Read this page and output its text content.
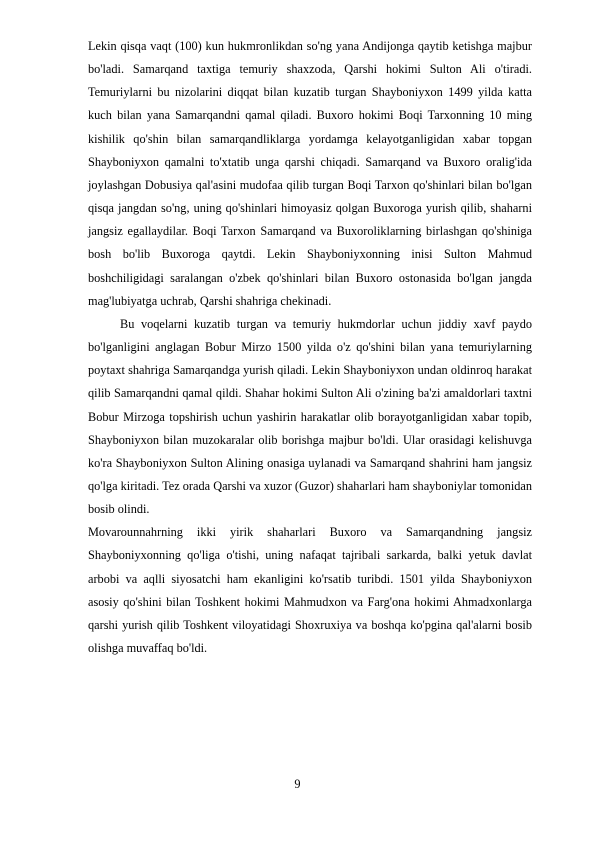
Lekin qisqa vaqt (100) kun hukmronlikdan so'ng yana Andijonga qaytib ketishga majbur bo'ladi. Samarqand taxtiga temuriy shaxzoda, Qarshi hokimi Sulton Ali o'tiradi. Temuriylarni bu nizolarini diqqat bilan kuzatib turgan Shayboniyxon 1499 yilda katta kuch bilan yana Samarqandni qamal qiladi. Buxoro hokimi Boqi Tarxonning 10 ming kishilik qo'shin bilan samarqandliklarga yordamga kelayotganligidan xabar topgan Shayboniyxon qamalni to'xtatib unga qarshi chiqadi. Samarqand va Buxoro oralig'ida joylashgan Dobusiya qal'asini mudofaa qilib turgan Boqi Tarxon qo'shinlari bilan bo'lgan qisqa jangdan so'ng, uning qo'shinlari himoyasiz qolgan Buxoroga yurish qilib, shaharni jangsiz egallaydilar. Boqi Tarxon Samarqand va Buxoroliklarning birlashgan qo'shiniga bosh bo'lib Buxoroga qaytdi. Lekin Shayboniyxonning inisi Sulton Mahmud boshchiligidagi saralangan o'zbek qo'shinlari bilan Buxoro ostonasida bo'lgan jangda mag'lubiyatga uchrab, Qarshi shahriga chekinadi.

Bu voqelarni kuzatib turgan va temuriy hukmdorlar uchun jiddiy xavf paydo bo'lganligini anglagan Bobur Mirzo 1500 yilda o'z qo'shini bilan yana temuriylarning poytaxt shahriga Samarqandga yurish qiladi. Lekin Shayboniyxon undan oldinroq harakat qilib Samarqandni qamal qildi. Shahar hokimi Sulton Ali o'zining ba'zi amaldorlari taxtni Bobur Mirzoga topshirish uchun yashirin harakatlar olib borayotganligidan xabar topib, Shayboniyxon bilan muzokaralar olib borishga majbur bo'ldi. Ular orasidagi kelishuvga ko'ra Shayboniyxon Sulton Alining onasiga uylanadi va Samarqand shahrini ham jangsiz qo'lga kiritadi. Tez orada Qarshi va xuzor (Guzor) shaharlari ham shayboniylar tomonidan bosib olindi.

Movarounnahrning ikki yirik shaharlari Buxoro va Samarqandning jangsiz Shayboniyxonning qo'liga o'tishi, uning nafaqat tajribali sarkarda, balki yetuk davlat arbobi va aqlli siyosatchi ham ekanligini ko'rsatib turibdi. 1501 yilda Shayboniyxon asosiy qo'shini bilan Toshkent hokimi Mahmudxon va Farg'ona hokimi Ahmadxonlarga qarshi yurish qilib Toshkent viloyatidagi Shoxruxiya va boshqa ko'pgina qal'alarni bosib olishga muvaffaq bo'ldi.

9
